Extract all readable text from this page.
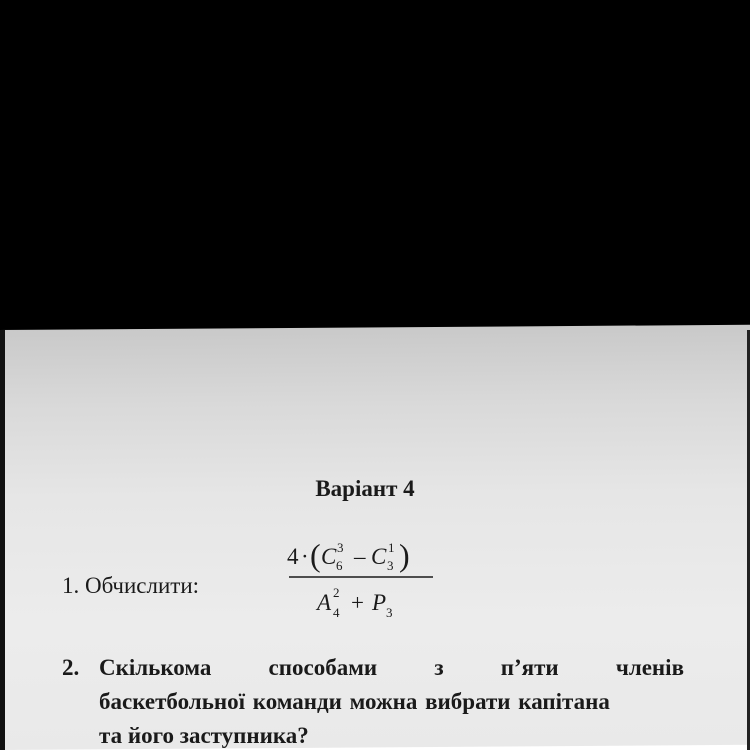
Варіант 4
1. Обчислити:
4 · ( C 3
6 – C 1
3 )
A 2
4 + P 3
2. Скількома способами з п’яти членів
баскетбольної команди можна вибрати капітана
та його заступника?
